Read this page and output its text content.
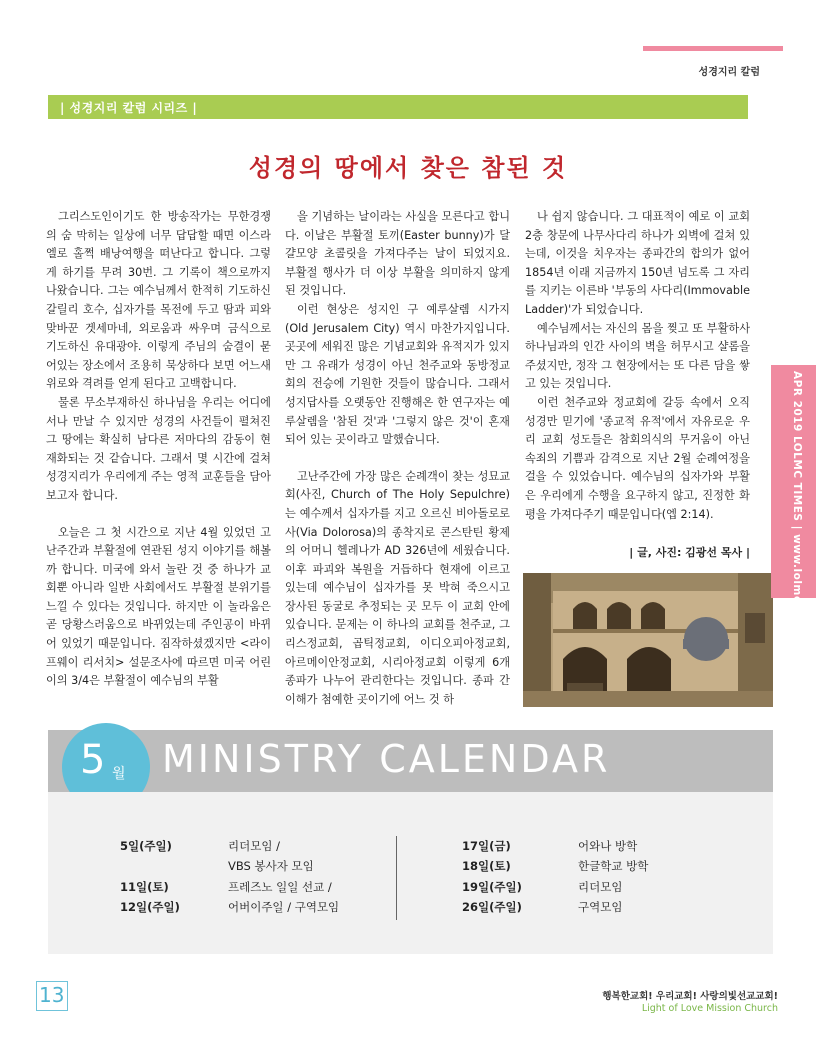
성경지리 칼럼
| 성경지리 칼럼 시리즈 |
성경의 땅에서 찾은 참된 것

그리스도인이기도 한 방송작가는 무한경쟁의 숨 막히는 일상에 너무 답답할 때면 이스라엘로 홀쩍 배낭여행을 떠난다고 합니다. 그렇게 하기를 무려 30번. 그 기록이 책으로까지 나왔습니다. 그는 예수님께서 한적히 기도하신 갈릴리 호수, 십자가를 목전에 두고 땀과 피와 맞바꾼 겟세마네, 외로움과 싸우며 금식으로 기도하신 유대광야. 이렇게 주님의 숨결이 묻어있는 장소에서 조용히 묵상하다 보면 어느새 위로와 격려를 얻게 된다고 고백합니다.

물론 무소부재하신 하나님을 우리는 어디에서나 만날 수 있지만 성경의 사건들이 펼쳐진 그 땅에는 확실히 남다른 저마다의 감동이 현재화되는 것 같습니다. 그래서 몇 시간에 걸쳐 성경지리가 우리에게 주는 영적 교훈들을 담아보고자 합니다.

오늘은 그 첫 시간으로 지난 4월 있었던 고난주간과 부활절에 연관된 성지 이야기를 해볼까 합니다. 미국에 와서 놀란 것 중 하나가 교회뿐 아니라 일반 사회에서도 부활절 분위기를 느낄 수 있다는 것입니다. 하지만 이 놀라움은 곧 당황스러움으로 바뀌었는데 주인공이 바뀌어 있었기 때문입니다. 짐작하셨겠지만 <라이프웨이 리서치> 설문조사에 따르면 미국 어린이의 3/4은 부활절이 예수님의 부활

을 기념하는 날이라는 사실을 모른다고 합니다. 이날은 부활절 토끼(Easter bunny)가 달걀모양 초콜릿을 가져다주는 날이 되었지요. 부활절 행사가 더 이상 부활을 의미하지 않게 된 것입니다.

이런 현상은 성지인 구 예루살렘 시가지(Old Jerusalem City) 역시 마찬가지입니다. 곳곳에 세워진 많은 기념교회와 유적지가 있지만 그 유래가 성경이 아닌 천주교와 동방정교회의 전승에 기원한 것들이 많습니다. 그래서 성지답사를 오랫동안 진행해온 한 연구자는 예루살렘을 '참된 것'과 '그렇지 않은 것'이 혼재되어 있는 곳이라고 말했습니다.

고난주간에 가장 많은 순례객이 찾는 성묘교회(사진, Church of The Holy Sepulchre)는 예수께서 십자가를 지고 오르신 비아돌로로사(Via Dolorosa)의 종착지로 콘스탄틴 황제의 어머니 헬레나가 AD 326년에 세웠습니다. 이후 파괴와 복원을 거듭하다 현재에 이르고 있는데 예수님이 십자가를 못 박혀 죽으시고 장사된 동굴로 추정되는 곳 모두 이 교회 안에 있습니다. 문제는 이 하나의 교회를 천주교, 그리스정교회, 곱틱정교회, 이디오피아정교회, 아르메이안정교회, 시리아정교회 이렇게 6개 종파가 나누어 관리한다는 것입니다. 종파 간 이해가 첨예한 곳이기에 어느 것 하

나 쉽지 않습니다. 그 대표적이 예로 이 교회 2층 창문에 나무사다리 하나가 외벽에 걸쳐 있는데, 이것을 치우자는 종파간의 합의가 없어 1854년 이래 지금까지 150년 넘도록 그 자리를 지키는 이른바 '부동의 사다리(Immovable Ladder)'가 되었습니다.

예수님께서는 자신의 몸을 찢고 또 부활하사 하나님과의 인간 사이의 벽을 허무시고 샬롬을 주셨지만, 정작 그 현장에서는 또 다른 담을 쌓고 있는 것입니다.

이런 천주교와 정교회에 갈등 속에서 오직 성경만 믿기에 '종교적 유적'에서 자유로운 우리 교회 성도들은 참회의식의 무거움이 아닌 속죄의 기쁨과 감격으로 지난 2월 순례여정을 걸을 수 있었습니다. 예수님의 십자가와 부활은 우리에게 수행을 요구하지 않고, 진정한 화평을 가져다주기 때문입니다(엡 2:14).

| 글, 사진: 김광선 목사 |	APR 2019 LOLMC TIMES | www.lolmc.org
5 월 MINISTRY CALENDAR
5일(주일)	리더모임 /
VBS 봉사자 모임
11일(토)	프레즈노 일일 선교 /
12일(주일)	어버이주일 / 구역모임
17일(금)	어와나 방학
18일(토)	한글학교 방학
19일(주일)	리더모임
26일(주일)	구역모임
13	행복한교회! 우리교회! 사랑의빛선교교회!
Light of Love Mission Church
